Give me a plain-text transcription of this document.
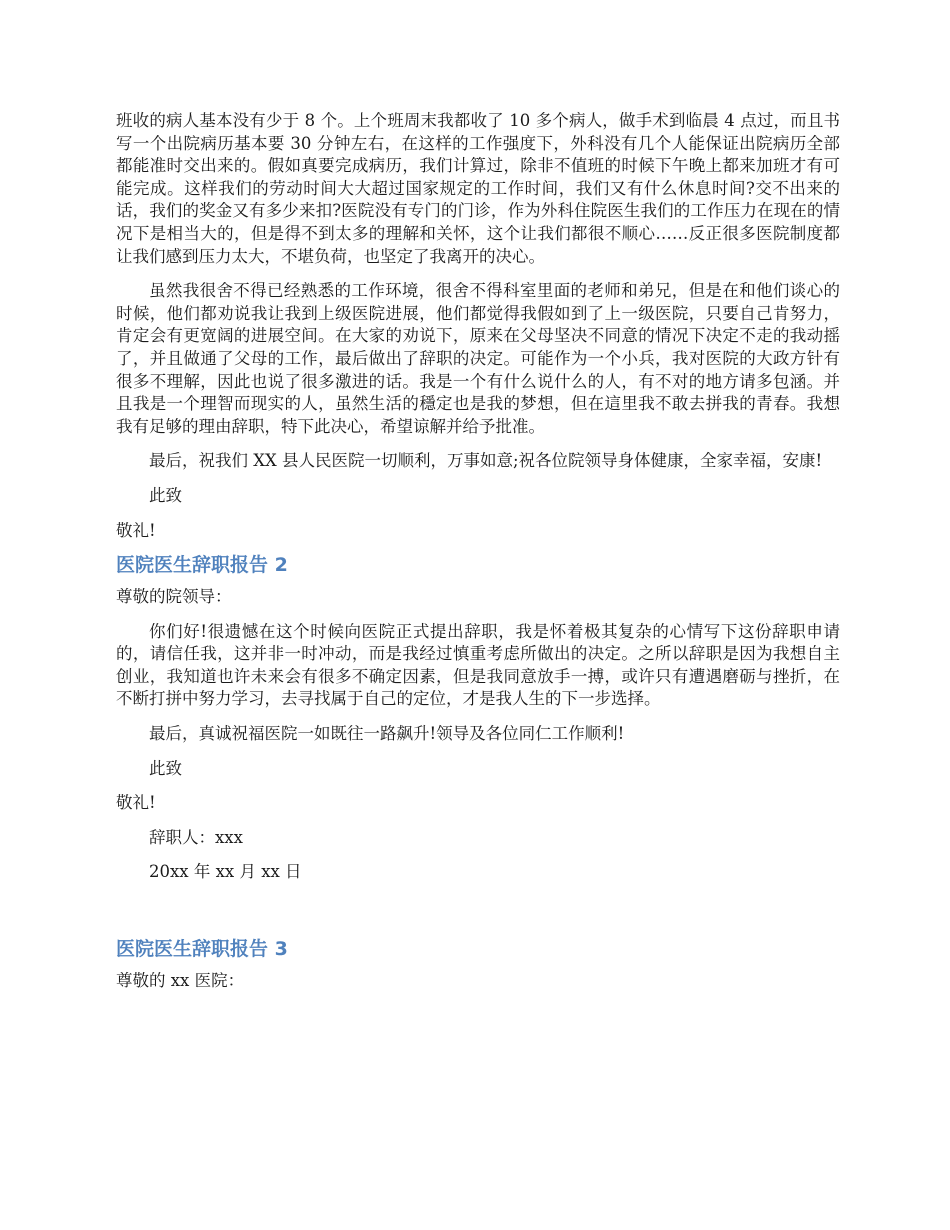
班收的病人基本没有少于 8 个。上个班周末我都收了 10 多个病人，做手术到临晨 4 点过，而且书写一个出院病历基本要 30 分钟左右，在这样的工作强度下，外科没有几个人能保证出院病历全部都能准时交出来的。假如真要完成病历，我们计算过，除非不值班的时候下午晚上都来加班才有可能完成。这样我们的劳动时间大大超过国家规定的工作时间，我们又有什么休息时间?交不出来的话，我们的奖金又有多少来扣?医院没有专门的门诊，作为外科住院医生我们的工作压力在现在的情况下是相当大的，但是得不到太多的理解和关怀，这个让我们都很不顺心……反正很多医院制度都让我们感到压力太大，不堪负荷，也坚定了我离开的决心。

虽然我很舍不得已经熟悉的工作环境，很舍不得科室里面的老师和弟兄，但是在和他们谈心的时候，他们都劝说我让我到上级医院进展，他们都觉得我假如到了上一级医院，只要自己肯努力，肯定会有更宽阔的进展空间。在大家的劝说下，原来在父母坚决不同意的情况下决定不走的我动摇了，并且做通了父母的工作，最后做出了辞职的决定。可能作为一个小兵，我对医院的大政方针有很多不理解，因此也说了很多激进的话。我是一个有什么说什么的人，有不对的地方请多包涵。并且我是一个理智而现实的人，虽然生活的穩定也是我的梦想，但在這里我不敢去拼我的青春。我想我有足够的理由辞职，特下此决心，希望谅解并给予批准。

最后，祝我们 XX 县人民医院一切顺利，万事如意;祝各位院领导身体健康，全家幸福，安康!

此致

敬礼!

医院医生辞职报告 2

尊敬的院领导：

你们好!很遗憾在这个时候向医院正式提出辞职，我是怀着极其复杂的心情写下这份辞职申请的，请信任我，这并非一时冲动，而是我经过慎重考虑所做出的决定。之所以辞职是因为我想自主创业，我知道也许未来会有很多不确定因素，但是我同意放手一搏，或许只有遭遇磨砺与挫折，在不断打拼中努力学习，去寻找属于自己的定位，才是我人生的下一步选择。

最后，真诚祝福医院一如既往一路飙升!领导及各位同仁工作顺利!

此致

敬礼!

辞职人：xxx

20xx 年 xx 月 xx 日

医院医生辞职报告 3

尊敬的 xx 医院：
